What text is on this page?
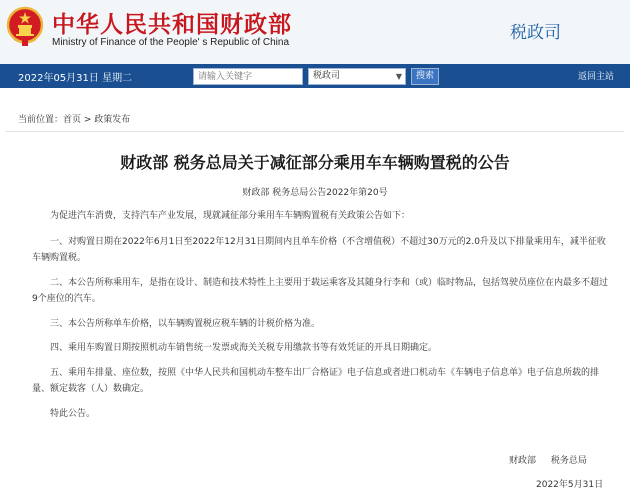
中华人民共和国财政部
Ministry of Finance of the People' s Republic of China	税政司
2022年05月31日 星期二
请输入关键字	税政司	▼	搜索	返回主站
当前位置：首页 > 政策发布
财政部 税务总局关于减征部分乘用车车辆购置税的公告
财政部 税务总局公告2022年第20号
为促进汽车消费，支持汽车产业发展，现就减征部分乘用车车辆购置税有关政策公告如下：
一、对购置日期在2022年6月1日至2022年12月31日期间内且单车价格（不含增值税）不超过30万元的2.0升及以下排量乘用车，减半征收车辆购置税。
二、本公告所称乘用车，是指在设计、制造和技术特性上主要用于载运乘客及其随身行李和（或）临时物品，包括驾驶员座位在内最多不超过9个座位的汽车。
三、本公告所称单车价格，以车辆购置税应税车辆的计税价格为准。
四、乘用车购置日期按照机动车销售统一发票或海关关税专用缴款书等有效凭证的开具日期确定。
五、乘用车排量、座位数，按照《中华人民共和国机动车整车出厂合格证》电子信息或者进口机动车《车辆电子信息单》电子信息所载的排量、额定载客（人）数确定。
特此公告。
财政部 税务总局
2022年5月31日
